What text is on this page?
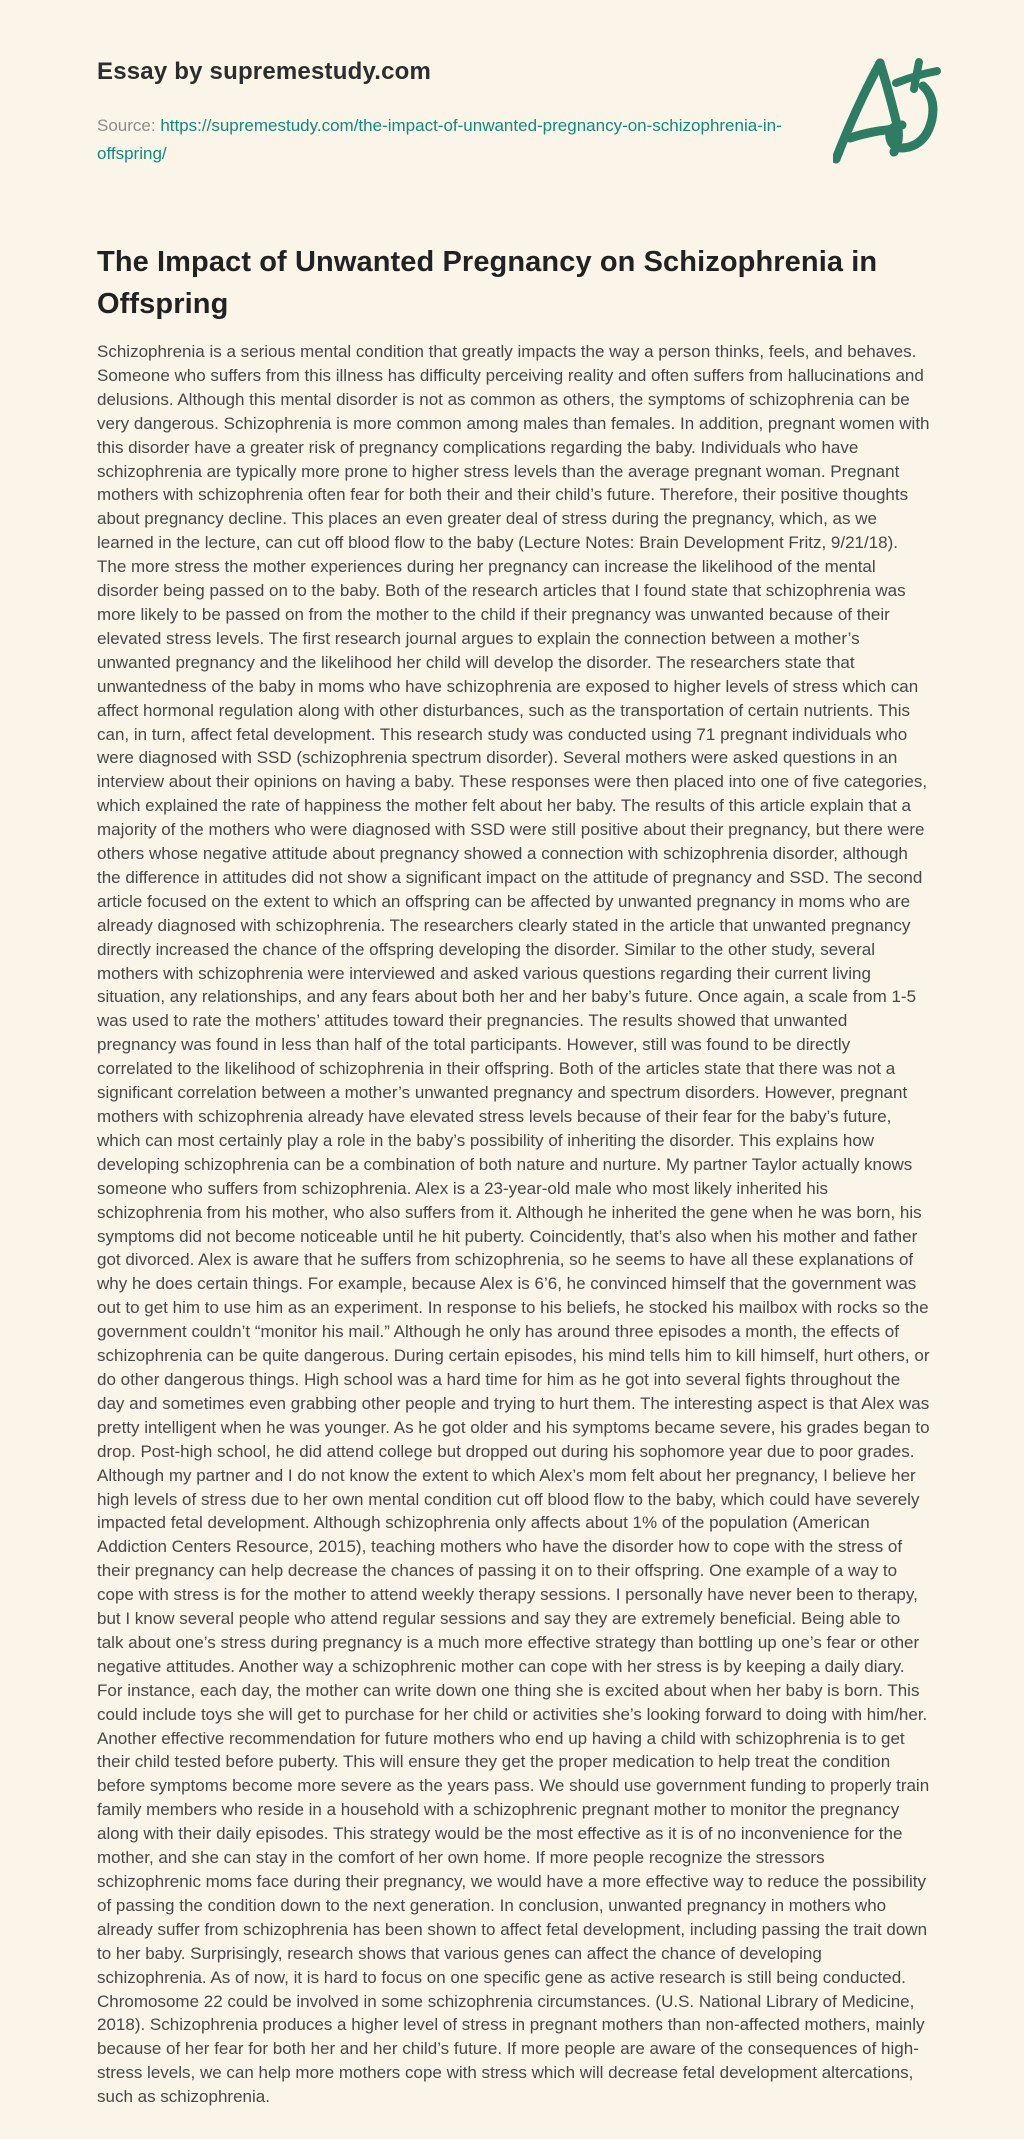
Essay by supremestudy.com
Source: https://supremestudy.com/the-impact-of-unwanted-pregnancy-on-schizophrenia-in-offspring/
The Impact of Unwanted Pregnancy on Schizophrenia in Offspring

Schizophrenia is a serious mental condition that greatly impacts the way a person thinks, feels, and behaves. Someone who suffers from this illness has difficulty perceiving reality and often suffers from hallucinations and delusions. Although this mental disorder is not as common as others, the symptoms of schizophrenia can be very dangerous. Schizophrenia is more common among males than females. In addition, pregnant women with this disorder have a greater risk of pregnancy complications regarding the baby. Individuals who have schizophrenia are typically more prone to higher stress levels than the average pregnant woman. Pregnant mothers with schizophrenia often fear for both their and their child’s future. Therefore, their positive thoughts about pregnancy decline. This places an even greater deal of stress during the pregnancy, which, as we learned in the lecture, can cut off blood flow to the baby (Lecture Notes: Brain Development Fritz, 9/21/18). The more stress the mother experiences during her pregnancy can increase the likelihood of the mental disorder being passed on to the baby. Both of the research articles that I found state that schizophrenia was more likely to be passed on from the mother to the child if their pregnancy was unwanted because of their elevated stress levels. The first research journal argues to explain the connection between a mother’s unwanted pregnancy and the likelihood her child will develop the disorder. The researchers state that unwantedness of the baby in moms who have schizophrenia are exposed to higher levels of stress which can affect hormonal regulation along with other disturbances, such as the transportation of certain nutrients. This can, in turn, affect fetal development. This research study was conducted using 71 pregnant individuals who were diagnosed with SSD (schizophrenia spectrum disorder). Several mothers were asked questions in an interview about their opinions on having a baby. These responses were then placed into one of five categories, which explained the rate of happiness the mother felt about her baby. The results of this article explain that a majority of the mothers who were diagnosed with SSD were still positive about their pregnancy, but there were others whose negative attitude about pregnancy showed a connection with schizophrenia disorder, although the difference in attitudes did not show a significant impact on the attitude of pregnancy and SSD. The second article focused on the extent to which an offspring can be affected by unwanted pregnancy in moms who are already diagnosed with schizophrenia. The researchers clearly stated in the article that unwanted pregnancy directly increased the chance of the offspring developing the disorder. Similar to the other study, several mothers with schizophrenia were interviewed and asked various questions regarding their current living situation, any relationships, and any fears about both her and her baby’s future. Once again, a scale from 1-5 was used to rate the mothers’ attitudes toward their pregnancies. The results showed that unwanted pregnancy was found in less than half of the total participants. However, still was found to be directly correlated to the likelihood of schizophrenia in their offspring. Both of the articles state that there was not a significant correlation between a mother’s unwanted pregnancy and spectrum disorders. However, pregnant mothers with schizophrenia already have elevated stress levels because of their fear for the baby’s future, which can most certainly play a role in the baby’s possibility of inheriting the disorder. This explains how developing schizophrenia can be a combination of both nature and nurture. My partner Taylor actually knows someone who suffers from schizophrenia. Alex is a 23-year-old male who most likely inherited his schizophrenia from his mother, who also suffers from it. Although he inherited the gene when he was born, his symptoms did not become noticeable until he hit puberty. Coincidently, that’s also when his mother and father got divorced. Alex is aware that he suffers from schizophrenia, so he seems to have all these explanations of why he does certain things. For example, because Alex is 6’6, he convinced himself that the government was out to get him to use him as an experiment. In response to his beliefs, he stocked his mailbox with rocks so the government couldn’t “monitor his mail.” Although he only has around three episodes a month, the effects of schizophrenia can be quite dangerous. During certain episodes, his mind tells him to kill himself, hurt others, or do other dangerous things. High school was a hard time for him as he got into several fights throughout the day and sometimes even grabbing other people and trying to hurt them. The interesting aspect is that Alex was pretty intelligent when he was younger. As he got older and his symptoms became severe, his grades began to drop. Post-high school, he did attend college but dropped out during his sophomore year due to poor grades. Although my partner and I do not know the extent to which Alex’s mom felt about her pregnancy, I believe her high levels of stress due to her own mental condition cut off blood flow to the baby, which could have severely impacted fetal development. Although schizophrenia only affects about 1% of the population (American Addiction Centers Resource, 2015), teaching mothers who have the disorder how to cope with the stress of their pregnancy can help decrease the chances of passing it on to their offspring. One example of a way to cope with stress is for the mother to attend weekly therapy sessions. I personally have never been to therapy, but I know several people who attend regular sessions and say they are extremely beneficial. Being able to talk about one’s stress during pregnancy is a much more effective strategy than bottling up one’s fear or other negative attitudes. Another way a schizophrenic mother can cope with her stress is by keeping a daily diary. For instance, each day, the mother can write down one thing she is excited about when her baby is born. This could include toys she will get to purchase for her child or activities she’s looking forward to doing with him/her. Another effective recommendation for future mothers who end up having a child with schizophrenia is to get their child tested before puberty. This will ensure they get the proper medication to help treat the condition before symptoms become more severe as the years pass. We should use government funding to properly train family members who reside in a household with a schizophrenic pregnant mother to monitor the pregnancy along with their daily episodes. This strategy would be the most effective as it is of no inconvenience for the mother, and she can stay in the comfort of her own home. If more people recognize the stressors schizophrenic moms face during their pregnancy, we would have a more effective way to reduce the possibility of passing the condition down to the next generation. In conclusion, unwanted pregnancy in mothers who already suffer from schizophrenia has been shown to affect fetal development, including passing the trait down to her baby. Surprisingly, research shows that various genes can affect the chance of developing schizophrenia. As of now, it is hard to focus on one specific gene as active research is still being conducted. Chromosome 22 could be involved in some schizophrenia circumstances. (U.S. National Library of Medicine, 2018). Schizophrenia produces a higher level of stress in pregnant mothers than non-affected mothers, mainly because of her fear for both her and her child’s future. If more people are aware of the consequences of high-stress levels, we can help more mothers cope with stress which will decrease fetal development altercations, such as schizophrenia.
